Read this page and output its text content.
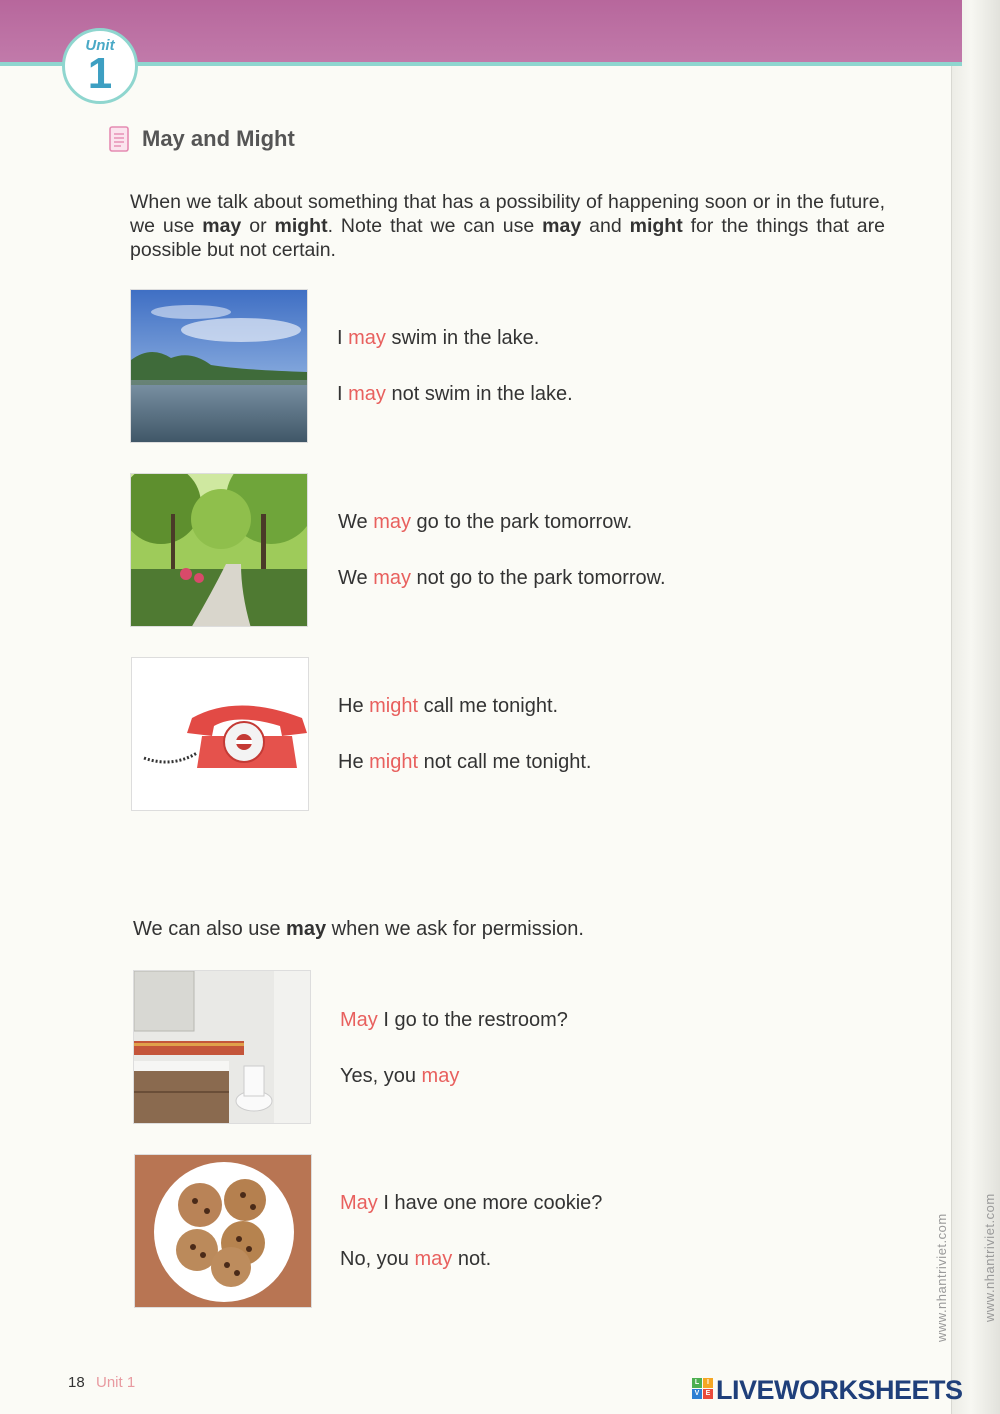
Unit
1
May and Might
When we talk about something that has a possibility of happening soon or in the future, we use may or might. Note that we can use may and might for the things that are possible but not certain.
I may swim in the lake.
I may not swim in the lake.
We may go to the park tomorrow.
We may not go to the park tomorrow.
He might call me tonight.
He might not call me tonight.
We can also use may when we ask for permission.
May I go to the restroom?
Yes, you may
May I have one more cookie?
No, you may not.
18 Unit 1
www.nhantriviet.com	www.nhantriviet.com
L	I
V E LIVEWORKSHEETS
